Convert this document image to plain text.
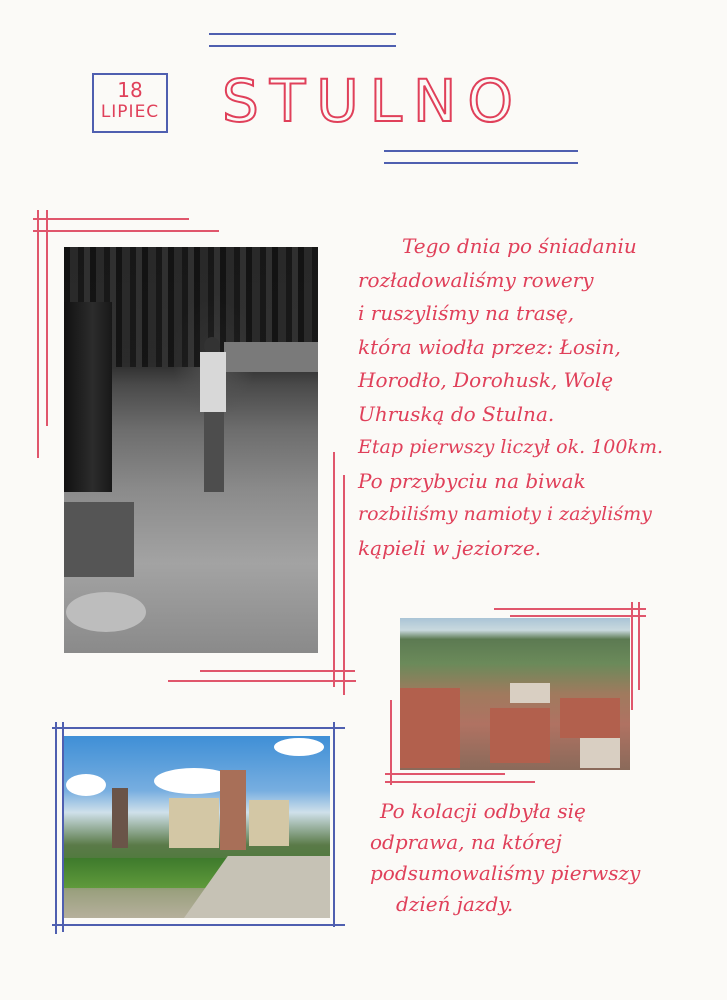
18
LIPIEC STULNO
Tego dnia po śniadaniu
rozładowaliśmy rowery
i ruszyliśmy na trasę,
która wiodła przez: Łosin,
Horodło, Dorohusk, Wolę
Uhruską do Stulna.
Etap pierwszy liczył ok. 100km.
Po przybyciu na biwak
rozbiliśmy namioty i zażyliśmy
kąpieli w jeziorze.
Po kolacji odbyła się
odprawa, na której
podsumowaliśmy pierwszy
dzień jazdy.
